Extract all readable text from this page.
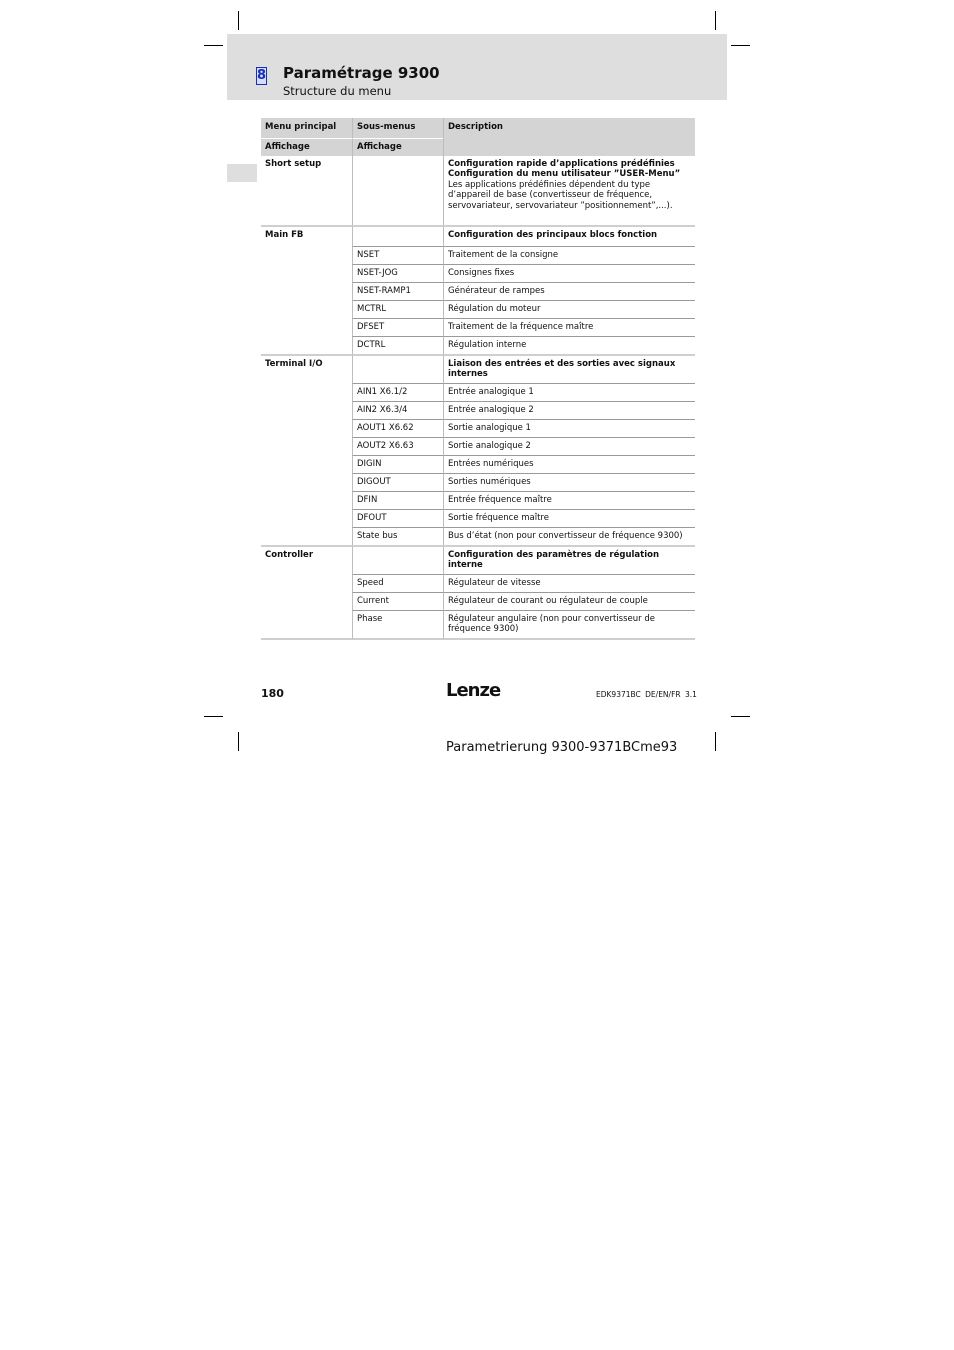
8 Paramétrage 9300
Structure du menu
Menu principal	Sous-menus	Description
Affichage	Affichage	
Short setup		Configuration rapide d’applications prédéfinies
Configuration du menu utilisateur ”USER-Menu”
Les applications prédéfinies dépendent du type d’appareil de base (convertisseur de fréquence, servovariateur, servovariateur ”positionnement”,...).

Main FB		Configuration des principaux blocs fonction
	NSET	Traitement de la consigne
	NSET-JOG	Consignes fixes
	NSET-RAMP1	Générateur de rampes
	MCTRL	Régulation du moteur
	DFSET	Traitement de la fréquence maître
	DCTRL	Régulation interne
Terminal I/O		Liaison des entrées et des sorties avec signaux internes
	AIN1 X6.1/2	Entrée analogique 1
	AIN2 X6.3/4	Entrée analogique 2
	AOUT1 X6.62	Sortie analogique 1
	AOUT2 X6.63	Sortie analogique 2
	DIGIN	Entrées numériques
	DIGOUT	Sorties numériques
	DFIN	Entrée fréquence maître
	DFOUT	Sortie fréquence maître
	State bus	Bus d’état (non pour convertisseur de fréquence 9300)
Controller		Configuration des paramètres de régulation interne
	Speed	Régulateur de vitesse
	Current	Régulateur de courant ou régulateur de couple
	Phase	Régulateur angulaire (non pour convertisseur de fréquence 9300)
180	Lenze	EDK9371BC DE/EN/FR 3.1
Parametrierung 9300-9371BCme93
